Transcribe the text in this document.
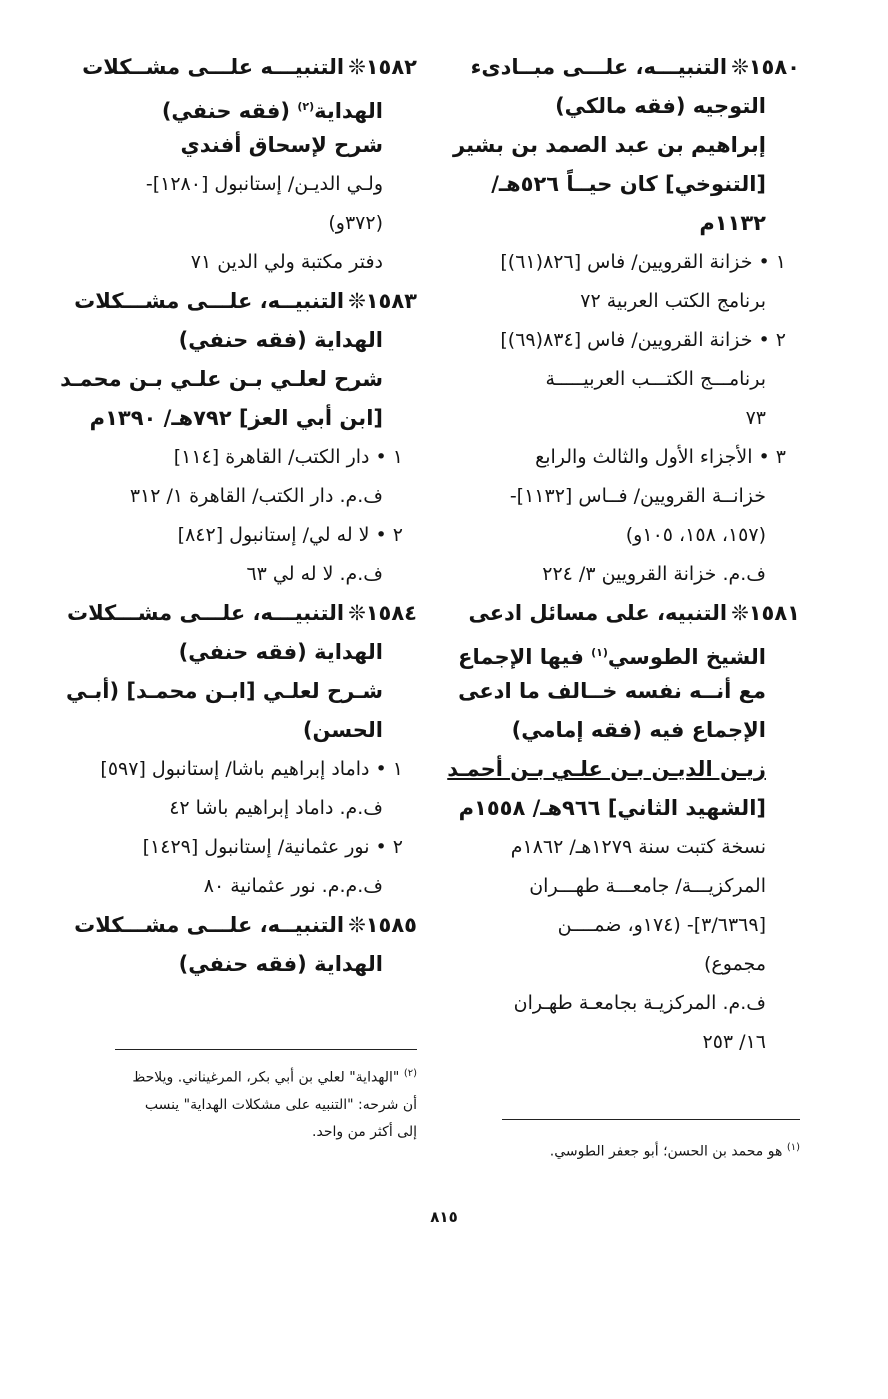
١٥٨٠❊التنبيـــه، علـــى مبــادىء
التوجيه (فقه مالكي)
إبراهيم بن عبد الصمد بن بشير
[التنوخي] كان حيــاً ٥٢٦هـ/
١١٣٢م
١ • خزانة القرويين/ فاس [٨٢٦(٦١)]
برنامج الكتب العربية ٧٢
٢ • خزانة القرويين/ فاس [٨٣٤(٦٩)]
برنامـــج الكتـــب العربيـــــة
٧٣
٣ • الأجزاء الأول والثالث والرابع
خزانــة القرويين/ فــاس [١١٣٢]-
(١٥٧، ١٥٨، ١٠٥و)
ف.م. خزانة القرويين ٣/ ٢٢٤
١٥٨١❊التنبيه، على مسائل ادعى
الشيخ الطوسي$^{(١)}$ فيها الإجماع
مع أنــه نفسه خــالف ما ادعى
الإجماع فيه (فقه إمامي)
زيـن الديـن بـن علـي بـن أحمـد
[الشهيد الثاني] ٩٦٦هـ/ ١٥٥٨م
نسخة كتبت سنة ١٢٧٩هـ/ ١٨٦٢م
المركزيـــة/ جامعـــة طهـــران
[٣/٦٣٦٩]- (١٧٤و، ضمــــن
مجموع)
ف.م. المركزيـة بجامعـة طهـران
١٦/ ٢٥٣
١٥٨٢❊التنبيـــه علـــى مشــكلات
الهداية$^{(٢)}$ (فقه حنفي)
شرح لإسحاق أفندي
ولـي الديـن/ إستانبول [١٢٨٠]-
(٣٧٢و)
دفتر مكتبة ولي الدين ٧١
١٥٨٣❊التنبيــه، علـــى مشـــكلات
الهداية (فقه حنفي)
شرح لعلـي بـن علـي بـن محمـد
[ابن أبي العز] ٧٩٢هـ/ ١٣٩٠م
١ • دار الكتب/ القاهرة [١١٤]
ف.م. دار الكتب/ القاهرة ١/ ٣١٢
٢ • لا له لي/ إستانبول [٨٤٢]
ف.م. لا له لي ٦٣
١٥٨٤❊التنبيـــه، علـــى مشـــكلات
الهداية (فقه حنفي)
شـرح لعلـي [ابـن محمـد] (أبـي
الحسن)
١ • داماد إبراهيم باشا/ إستانبول [٥٩٧]
ف.م. داماد إبراهيم باشا ٤٢
٢ • نور عثمانية/ إستانبول [١٤٢٩]
ف.م.م. نور عثمانية ٨٠
١٥٨٥❊التنبيــه، علـــى مشـــكلات
الهداية (فقه حنفي)
$^{(٢)}$ "الهداية" لعلي بن أبي بكر، المرغيناني. ويلاحظ
أن شرحه: "التنبيه على مشكلات الهداية" ينسب
إلى أكثر من واحد.
$^{(١)}$ هو محمد بن الحسن؛ أبو جعفر الطوسي.
٨١٥
